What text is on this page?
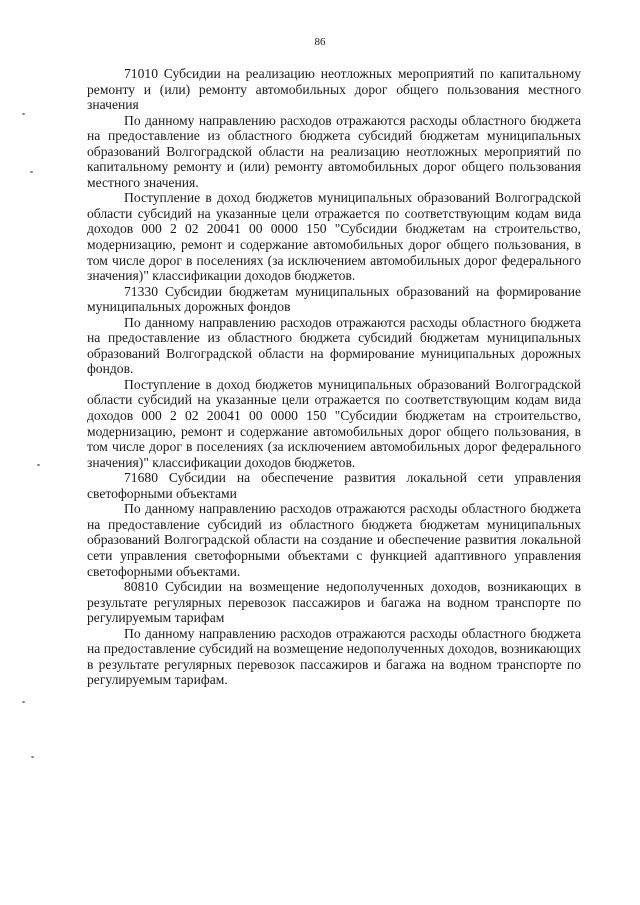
86

71010 Субсидии на реализацию неотложных мероприятий по капитальному ремонту и (или) ремонту автомобильных дорог общего пользования местного значения

По данному направлению расходов отражаются расходы областного бюджета на предоставление из областного бюджета субсидий бюджетам муниципальных образований Волгоградской области на реализацию неотложных мероприятий по капитальному ремонту и (или) ремонту автомобильных дорог общего пользования местного значения.

Поступление в доход бюджетов муниципальных образований Волгоградской области субсидий на указанные цели отражается по соответствующим кодам вида доходов 000 2 02 20041 00 0000 150 "Субсидии бюджетам на строительство, модернизацию, ремонт и содержание автомобильных дорог общего пользования, в том числе дорог в поселениях (за исключением автомобильных дорог федерального значения)" классификации доходов бюджетов.

71330 Субсидии бюджетам муниципальных образований на формирование муниципальных дорожных фондов

По данному направлению расходов отражаются расходы областного бюджета на предоставление из областного бюджета субсидий бюджетам муниципальных образований Волгоградской области на формирование муниципальных дорожных фондов.

Поступление в доход бюджетов муниципальных образований Волгоградской области субсидий на указанные цели отражается по соответствующим кодам вида доходов 000 2 02 20041 00 0000 150 "Субсидии бюджетам на строительство, модернизацию, ремонт и содержание автомобильных дорог общего пользования, в том числе дорог в поселениях (за исключением автомобильных дорог федерального значения)" классификации доходов бюджетов.

71680 Субсидии на обеспечение развития локальной сети управления светофорными объектами

По данному направлению расходов отражаются расходы областного бюджета на предоставление субсидий из областного бюджета бюджетам муниципальных образований Волгоградской области на создание и обеспечение развития локальной сети управления светофорными объектами с функцией адаптивного управления светофорными объектами.

80810 Субсидии на возмещение недополученных доходов, возникающих в результате регулярных перевозок пассажиров и багажа на водном транспорте по регулируемым тарифам

По данному направлению расходов отражаются расходы областного бюджета на предоставление субсидий на возмещение недополученных доходов, возникающих в результате регулярных перевозок пассажиров и багажа на водном транспорте по регулируемым тарифам.
